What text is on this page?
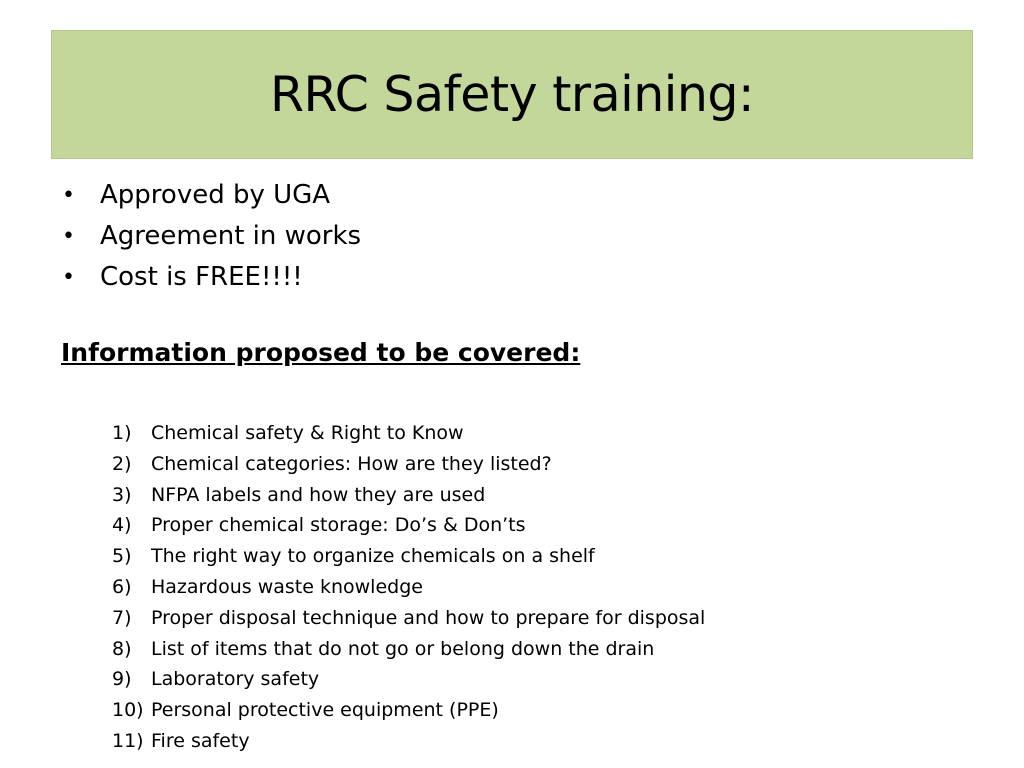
RRC Safety training:
• Approved by UGA
• Agreement in works
• Cost is FREE!!!!

Information proposed to be covered:

1) Chemical safety & Right to Know
2) Chemical categories: How are they listed?
3) NFPA labels and how they are used
4) Proper chemical storage: Do’s & Don’ts
5) The right way to organize chemicals on a shelf
6) Hazardous waste knowledge
7) Proper disposal technique and how to prepare for disposal
8) List of items that do not go or belong down the drain
9) Laboratory safety
10) Personal protective equipment (PPE)
11) Fire safety
